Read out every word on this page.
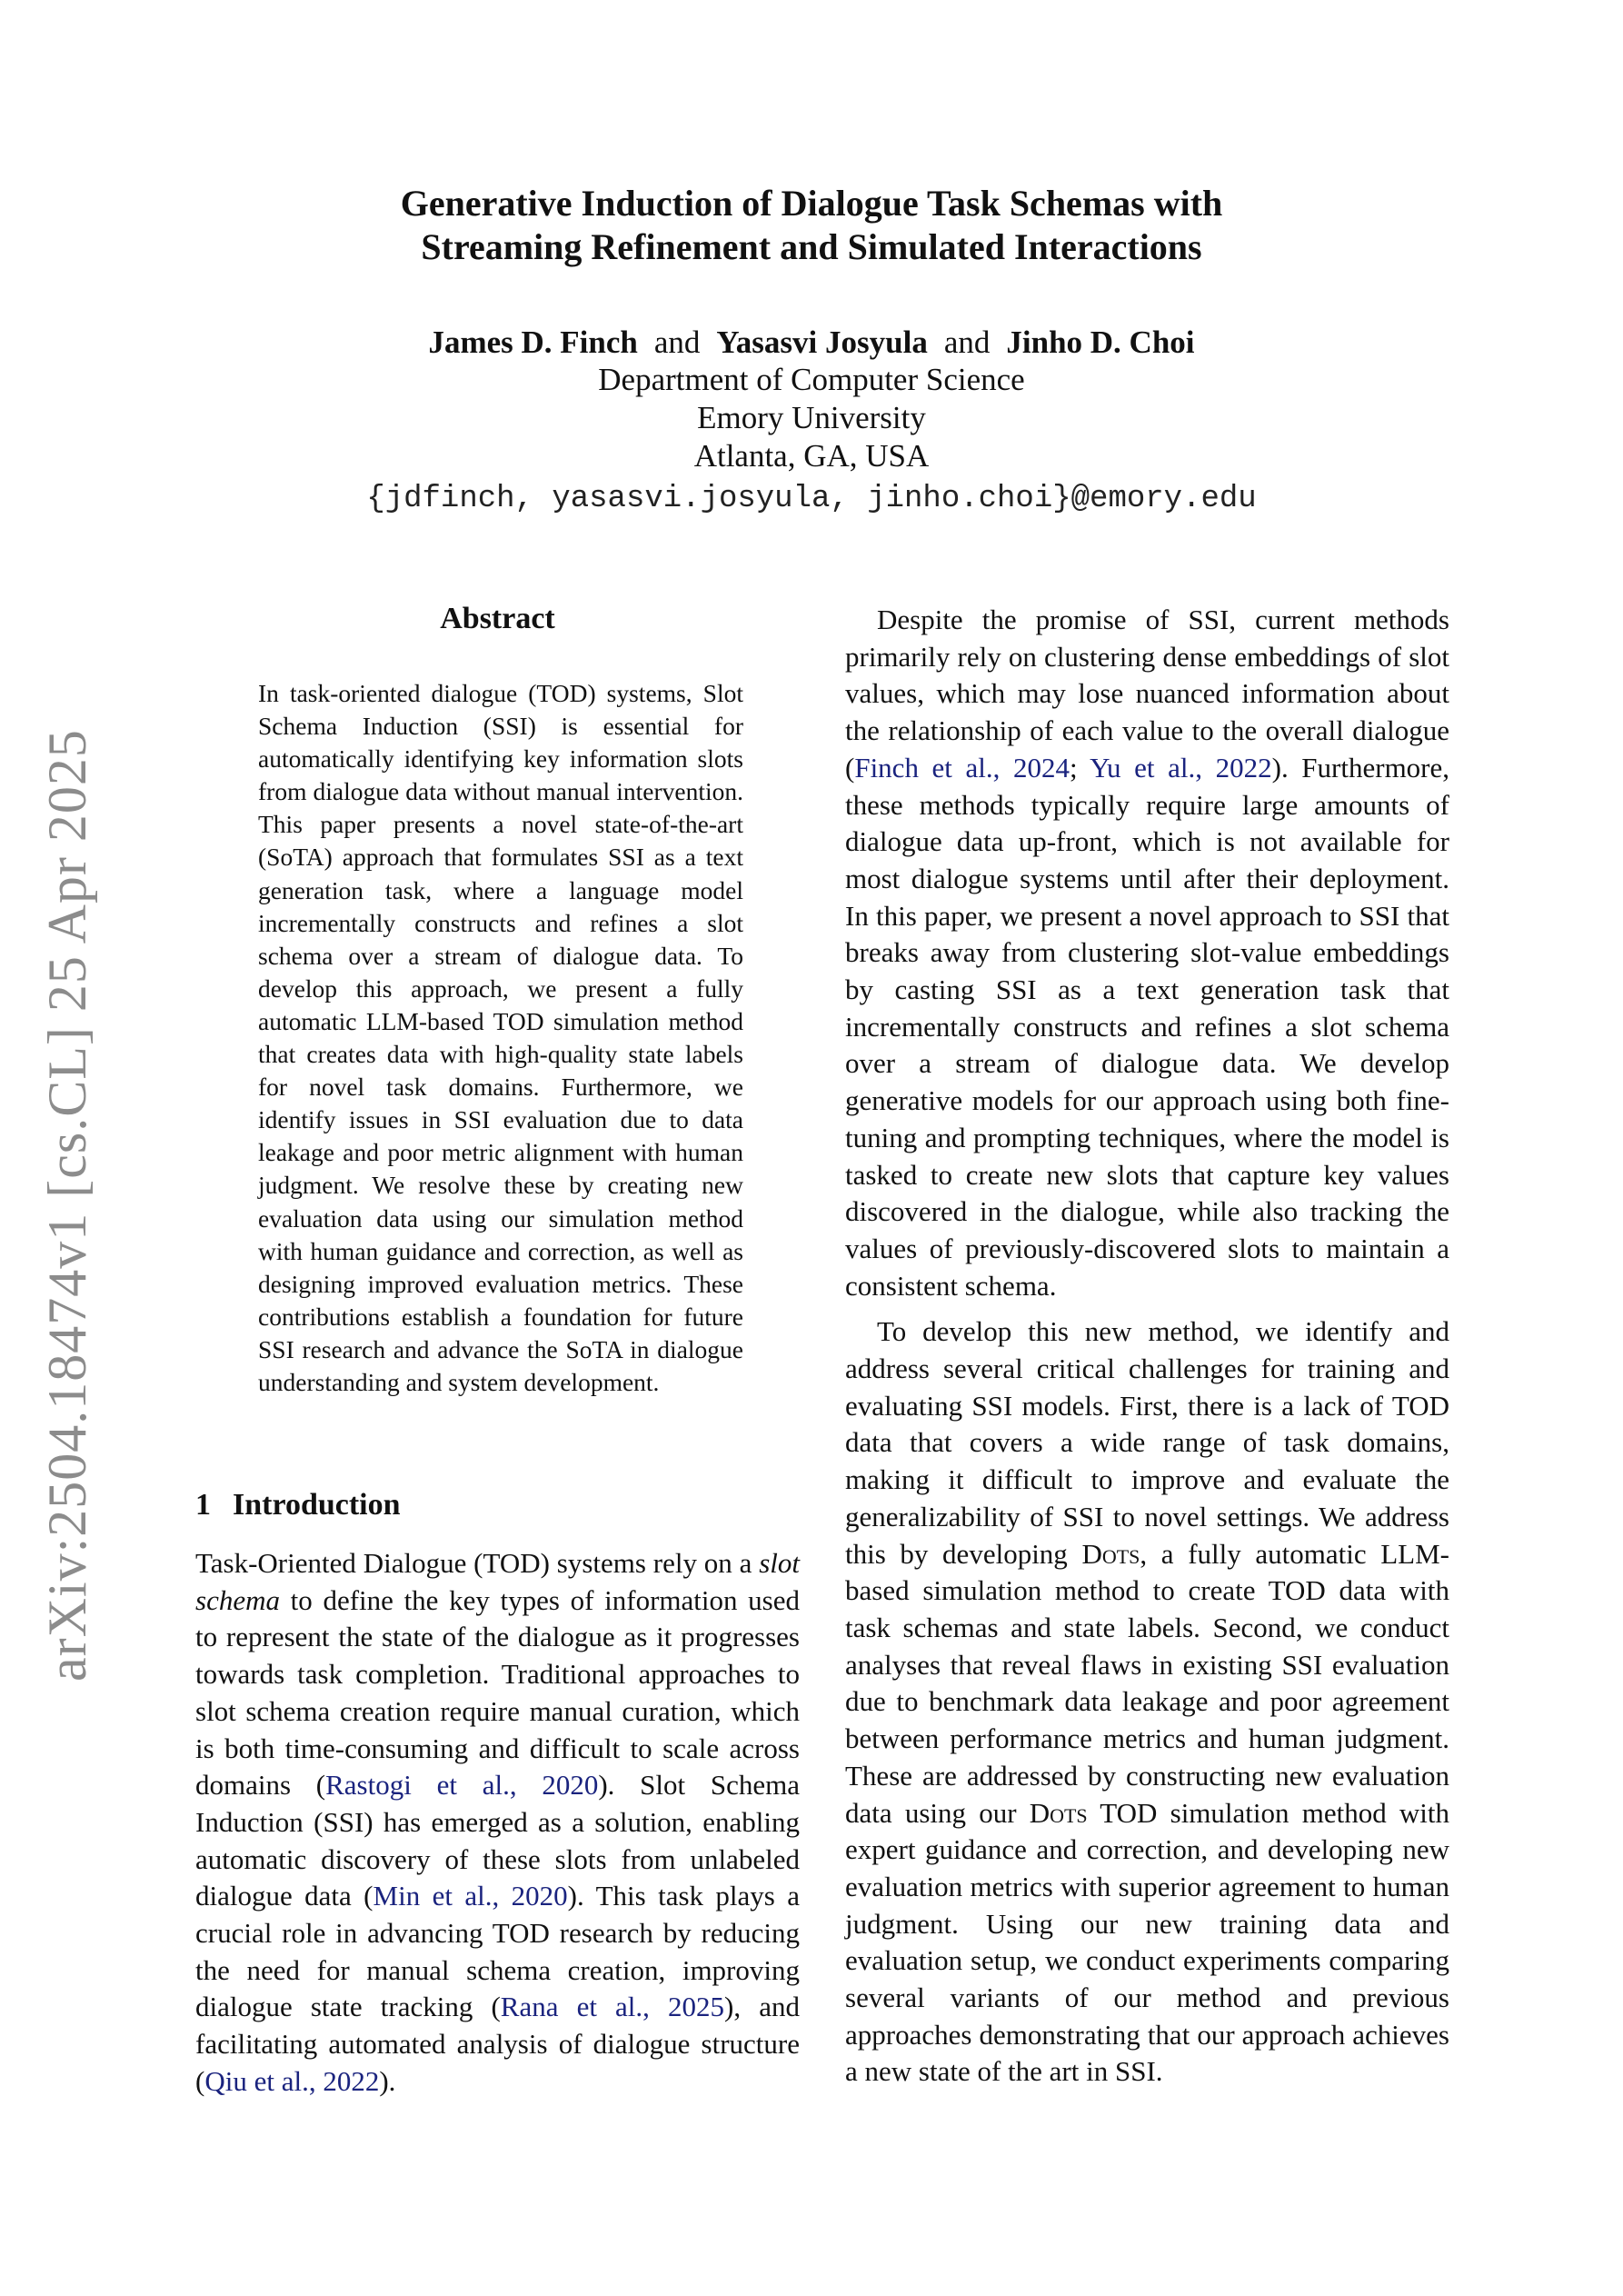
arXiv:2504.18474v1 [cs.CL] 25 Apr 2025
Generative Induction of Dialogue Task Schemas with
Streaming Refinement and Simulated Interactions
James D. Finch and Yasasvi Josyula and Jinho D. Choi
Department of Computer Science
Emory University
Atlanta, GA, USA
{jdfinch, yasasvi.josyula, jinho.choi}@emory.edu
Abstract
In task-oriented dialogue (TOD) systems, Slot Schema Induction (SSI) is essential for automatically identifying key information slots from dialogue data without manual intervention. This paper presents a novel state-of-the-art (SoTA) approach that formulates SSI as a text generation task, where a language model incrementally constructs and refines a slot schema over a stream of dialogue data. To develop this approach, we present a fully automatic LLM-based TOD simulation method that creates data with high-quality state labels for novel task domains. Furthermore, we identify issues in SSI evaluation due to data leakage and poor metric alignment with human judgment. We resolve these by creating new evaluation data using our simulation method with human guidance and correction, as well as designing improved evaluation metrics. These contributions establish a foundation for future SSI research and advance the SoTA in dialogue understanding and system development.
1 Introduction

Task-Oriented Dialogue (TOD) systems rely on a slot schema to define the key types of information used to represent the state of the dialogue as it progresses towards task completion. Traditional approaches to slot schema creation require manual curation, which is both time-consuming and difficult to scale across domains (Rastogi et al., 2020). Slot Schema Induction (SSI) has emerged as a solution, enabling automatic discovery of these slots from unlabeled dialogue data (Min et al., 2020). This task plays a crucial role in advancing TOD research by reducing the need for manual schema creation, improving dialogue state tracking (Rana et al., 2025), and facilitating automated analysis of dialogue structure (Qiu et al., 2022).

Despite the promise of SSI, current methods primarily rely on clustering dense embeddings of slot values, which may lose nuanced information about the relationship of each value to the overall dialogue (Finch et al., 2024; Yu et al., 2022). Furthermore, these methods typically require large amounts of dialogue data up-front, which is not available for most dialogue systems until after their deployment. In this paper, we present a novel approach to SSI that breaks away from clustering slot-value embeddings by casting SSI as a text generation task that incrementally constructs and refines a slot schema over a stream of dialogue data. We develop generative models for our approach using both fine-tuning and prompting techniques, where the model is tasked to create new slots that capture key values discovered in the dialogue, while also tracking the values of previously-discovered slots to maintain a consistent schema.

To develop this new method, we identify and address several critical challenges for training and evaluating SSI models. First, there is a lack of TOD data that covers a wide range of task domains, making it difficult to improve and evaluate the generalizability of SSI to novel settings. We address this by developing Dots, a fully automatic LLM-based simulation method to create TOD data with task schemas and state labels. Second, we conduct analyses that reveal flaws in existing SSI evaluation due to benchmark data leakage and poor agreement between performance metrics and human judgment. These are addressed by constructing new evaluation data using our Dots TOD simulation method with expert guidance and correction, and developing new evaluation metrics with superior agreement to human judgment. Using our new training data and evaluation setup, we conduct experiments comparing several variants of our method and previous approaches demonstrating that our approach achieves a new state of the art in SSI.
